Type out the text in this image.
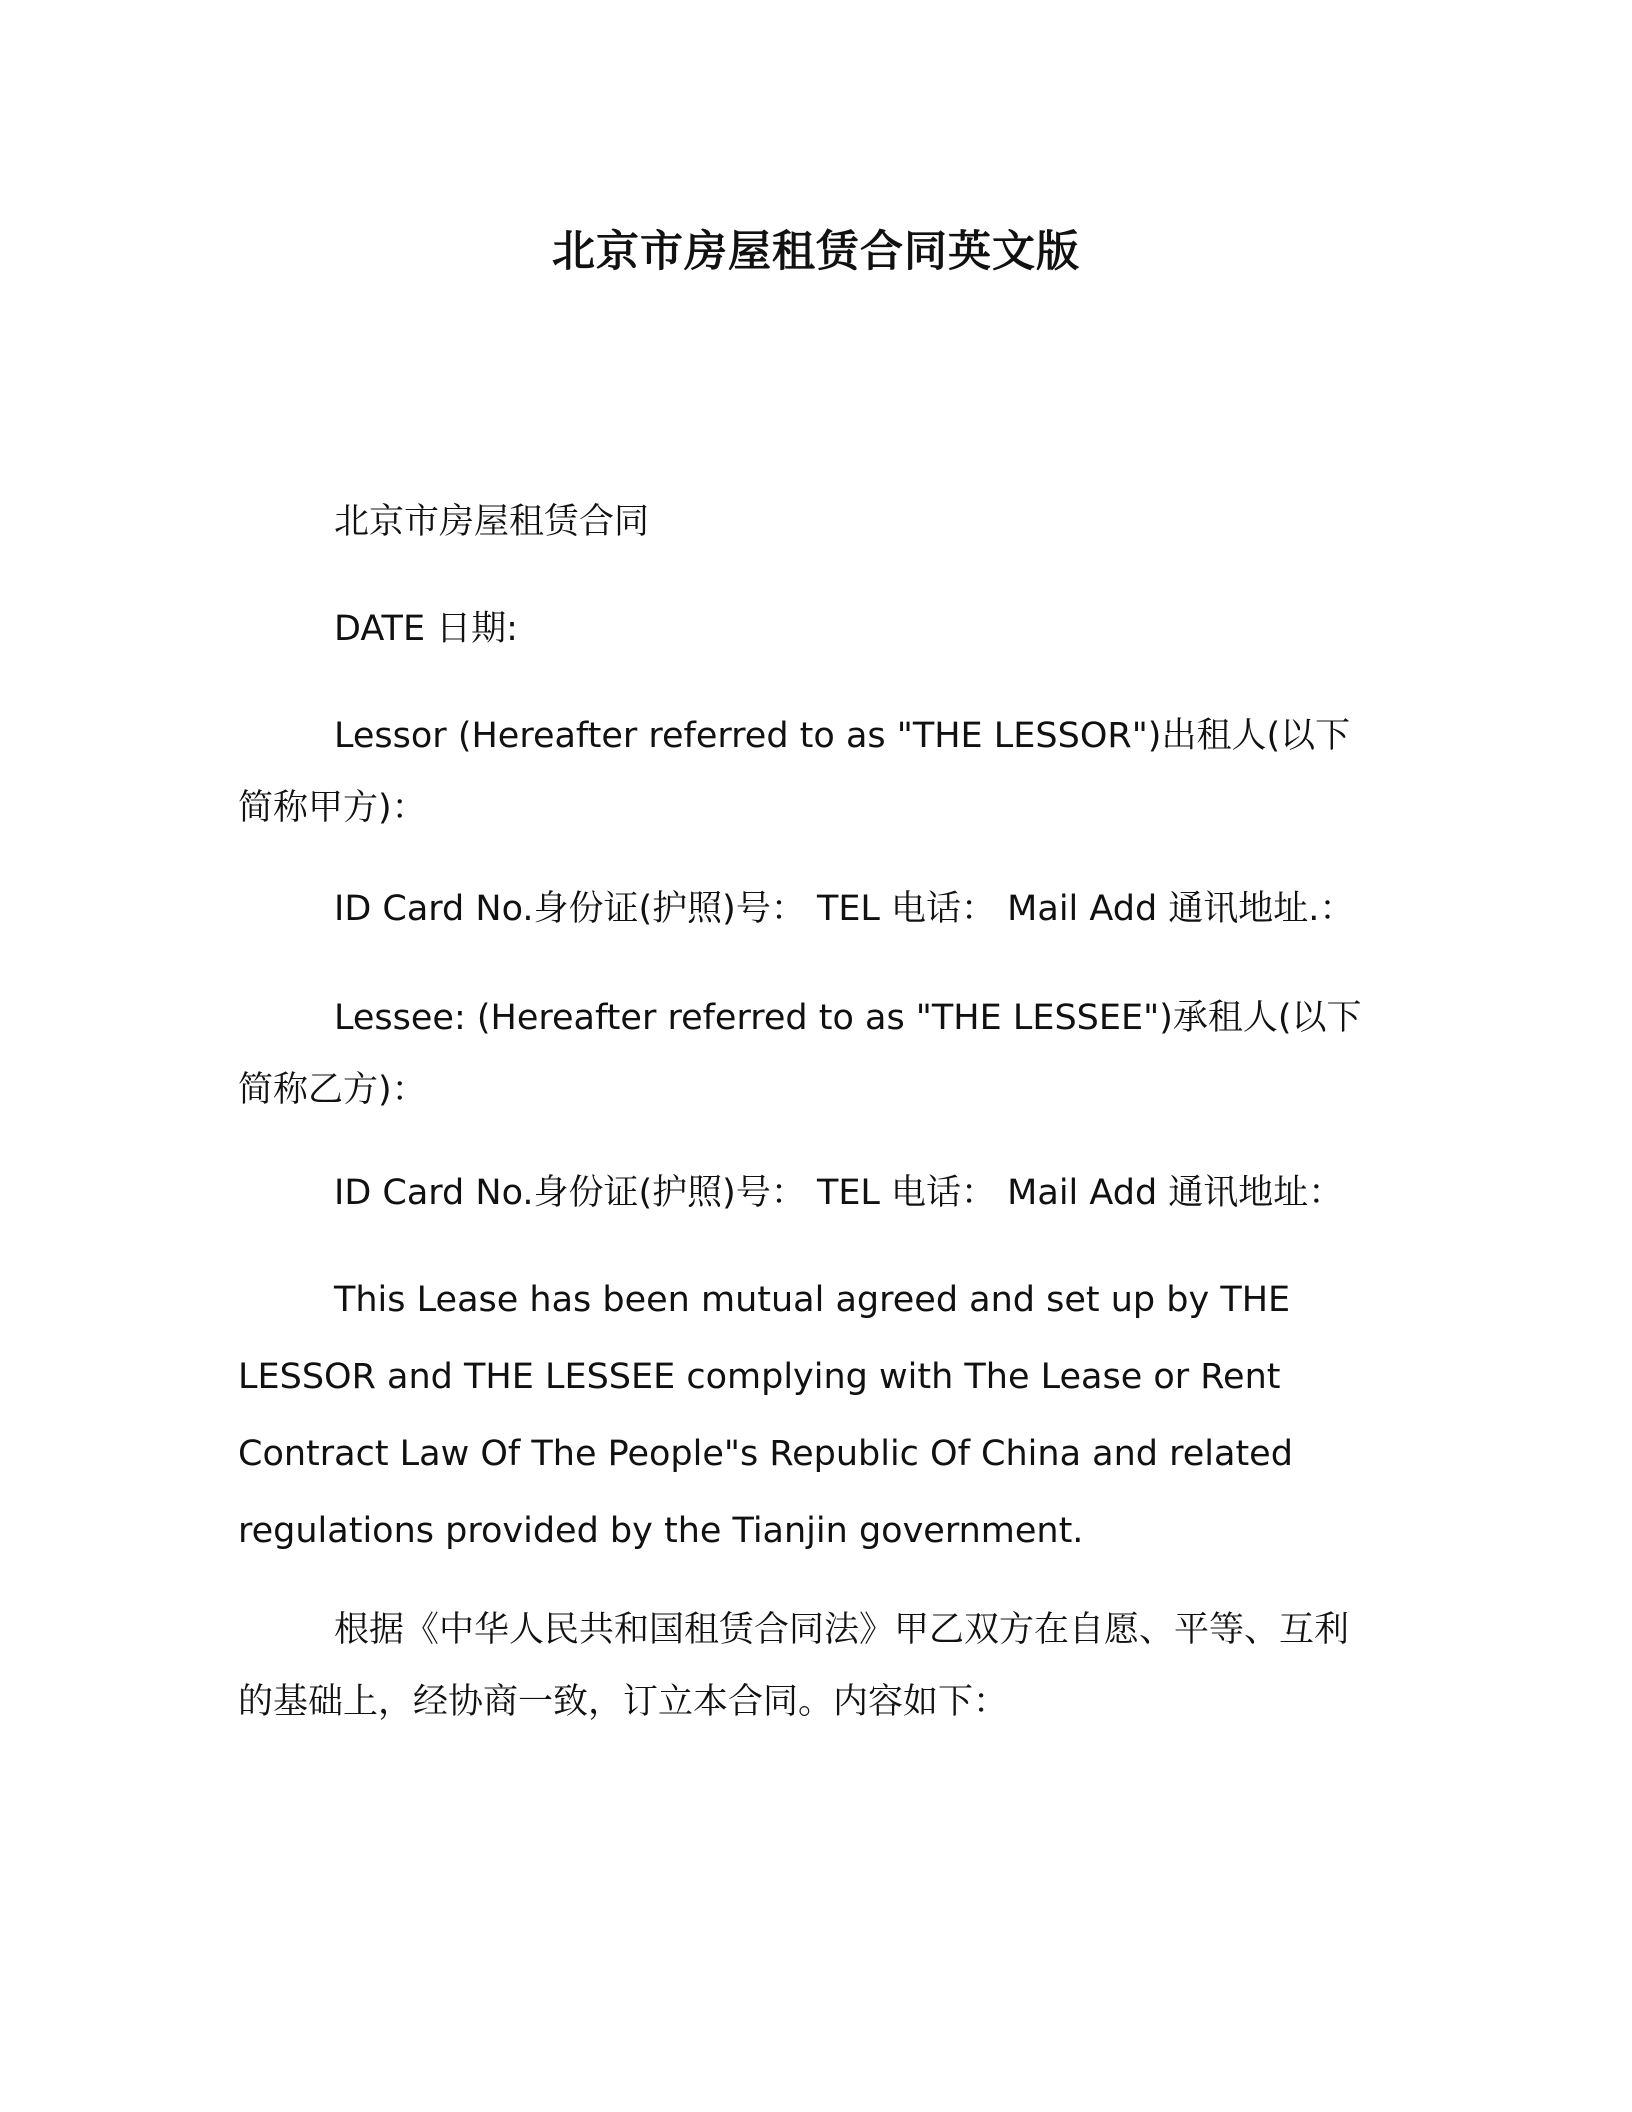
北京市房屋租赁合同英文版

北京市房屋租赁合同

DATE 日期:

Lessor (Hereafter referred to as "THE LESSOR")出租人(以下简称甲方)：

ID Card No.身份证(护照)号： TEL 电话： Mail Add 通讯地址.：

Lessee: (Hereafter referred to as "THE LESSEE")承租人(以下简称乙方)：

ID Card No.身份证(护照)号： TEL 电话： Mail Add 通讯地址：

This Lease has been mutual agreed and set up by THE LESSOR and THE LESSEE complying with The Lease or Rent Contract Law Of The People"s Republic Of China and related regulations provided by the Tianjin government.

根据《中华人民共和国租赁合同法》甲乙双方在自愿、平等、互利的基础上，经协商一致，订立本合同。内容如下：
